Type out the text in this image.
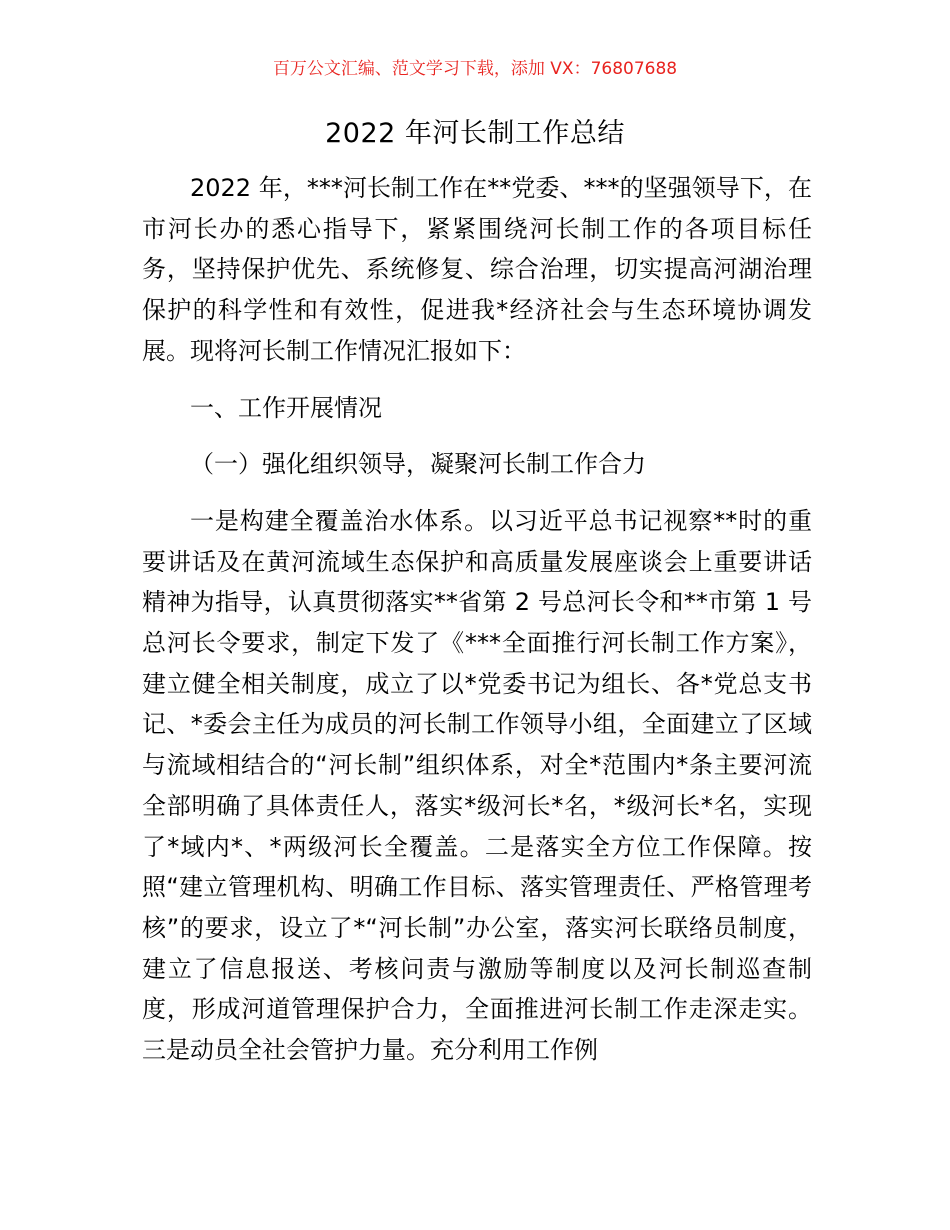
百万公文汇编、范文学习下载，添加 VX：76807688
2022 年河长制工作总结

2022 年，***河长制工作在**党委、***的坚强领导下，在市河长办的悉心指导下，紧紧围绕河长制工作的各项目标任务，坚持保护优先、系统修复、综合治理，切实提高河湖治理保护的科学性和有效性，促进我*经济社会与生态环境协调发展。现将河长制工作情况汇报如下：

一、工作开展情况

（一）强化组织领导，凝聚河长制工作合力

一是构建全覆盖治水体系。以习近平总书记视察**时的重要讲话及在黄河流域生态保护和高质量发展座谈会上重要讲话精神为指导，认真贯彻落实**省第 2 号总河长令和**市第 1 号总河长令要求，制定下发了《***全面推行河长制工作方案》，建立健全相关制度，成立了以*党委书记为组长、各*党总支书记、*委会主任为成员的河长制工作领导小组，全面建立了区域与流域相结合的“河长制”组织体系，对全*范围内*条主要河流全部明确了具体责任人，落实*级河长*名，*级河长*名，实现了*域内*、*两级河长全覆盖。二是落实全方位工作保障。按照“建立管理机构、明确工作目标、落实管理责任、严格管理考核”的要求，设立了*“河长制”办公室，落实河长联络员制度，建立了信息报送、考核问责与激励等制度以及河长制巡查制度，形成河道管理保护合力，全面推进河长制工作走深走实。三是动员全社会管护力量。充分利用工作例
